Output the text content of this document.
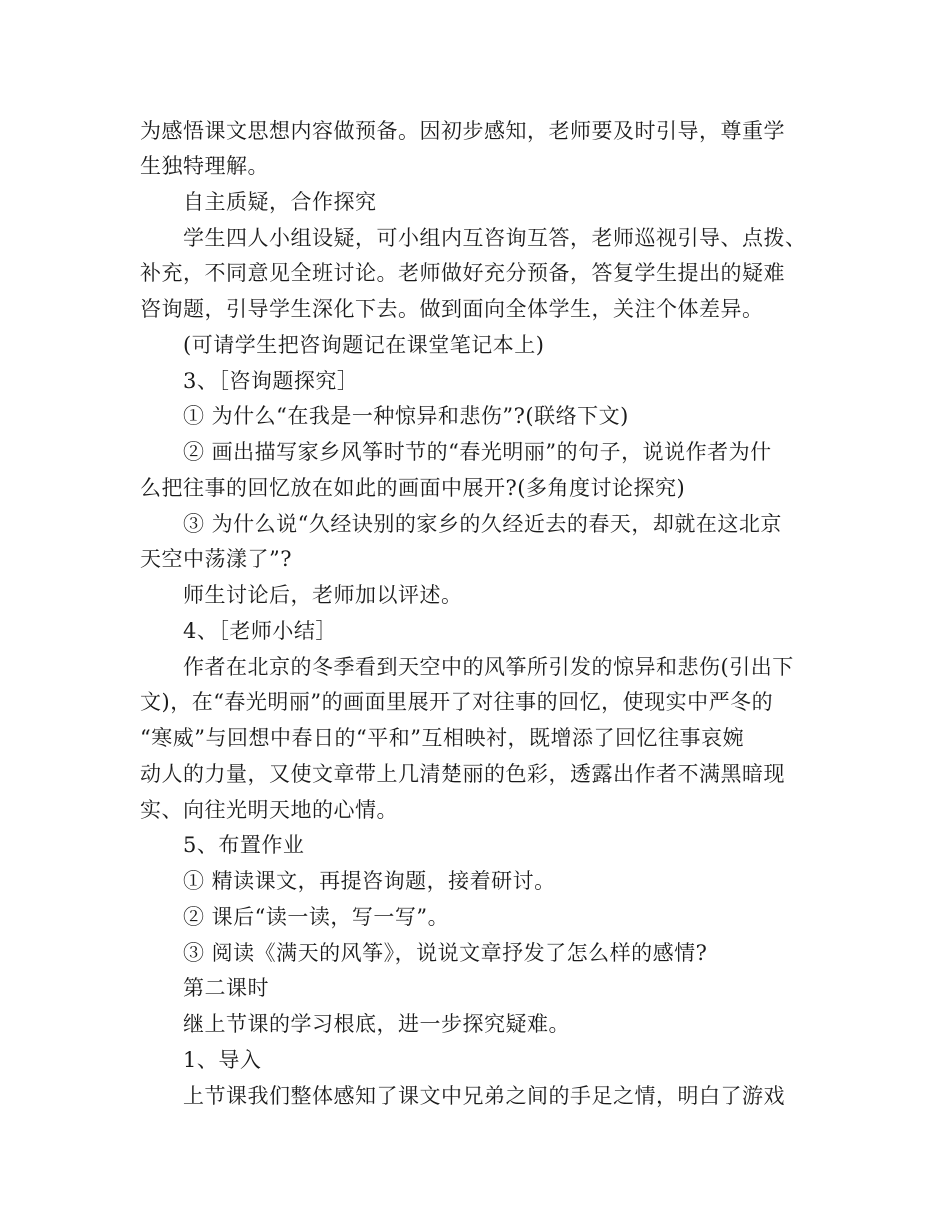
为感悟课文思想内容做预备。因初步感知，老师要及时引导，尊重学
生独特理解。
自主质疑，合作探究
学生四人小组设疑，可小组内互咨询互答，老师巡视引导、点拨、
补充，不同意见全班讨论。老师做好充分预备，答复学生提出的疑难
咨询题，引导学生深化下去。做到面向全体学生，关注个体差异。
(可请学生把咨询题记在课堂笔记本上)
3、［咨询题探究］
① 为什么“在我是一种惊异和悲伤”?(联络下文)
② 画出描写家乡风筝时节的“春光明丽”的句子，说说作者为什
么把往事的回忆放在如此的画面中展开?(多角度讨论探究)
③ 为什么说“久经诀别的家乡的久经近去的春天，却就在这北京
天空中荡漾了”?
师生讨论后，老师加以评述。
4、［老师小结］
作者在北京的冬季看到天空中的风筝所引发的惊异和悲伤(引出下
文)，在“春光明丽”的画面里展开了对往事的回忆，使现实中严冬的
“寒威”与回想中春日的“平和”互相映衬，既增添了回忆往事哀婉
动人的力量，又使文章带上几清楚丽的色彩，透露出作者不满黑暗现
实、向往光明天地的心情。
5、布置作业
① 精读课文，再提咨询题，接着研讨。
② 课后“读一读，写一写”。
③ 阅读《满天的风筝》，说说文章抒发了怎么样的感情?
第二课时
继上节课的学习根底，进一步探究疑难。
1、导入
上节课我们整体感知了课文中兄弟之间的手足之情，明白了游戏
